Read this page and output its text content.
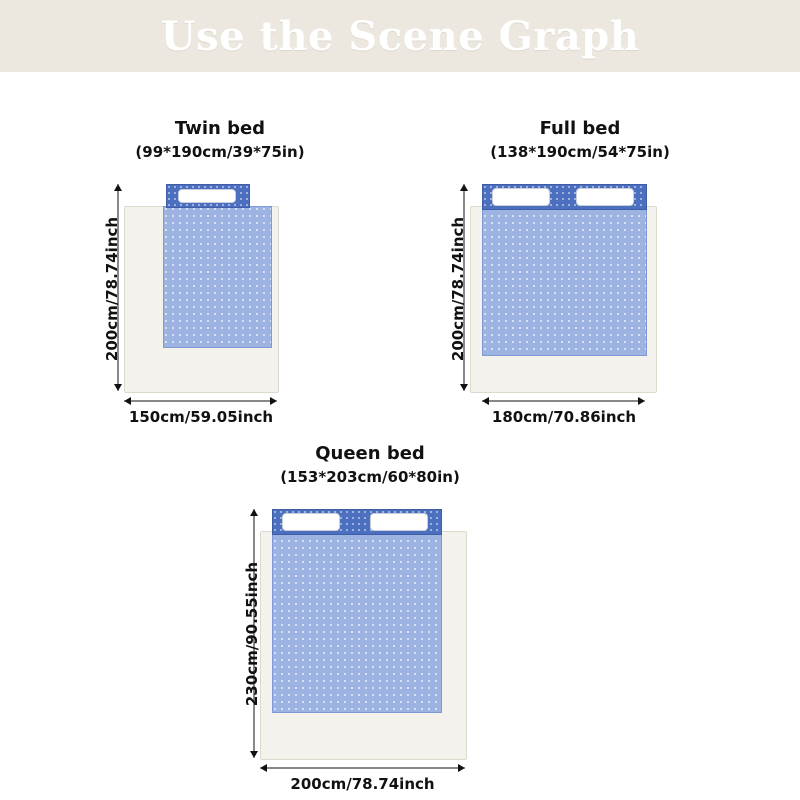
Use the Scene Graph
Twin bed
(99*190cm/39*75in)
200cm/78.74inch
150cm/59.05inch
Full bed
(138*190cm/54*75in)
200cm/78.74inch
180cm/70.86inch
Queen bed
(153*203cm/60*80in)
230cm/90.55inch
200cm/78.74inch
